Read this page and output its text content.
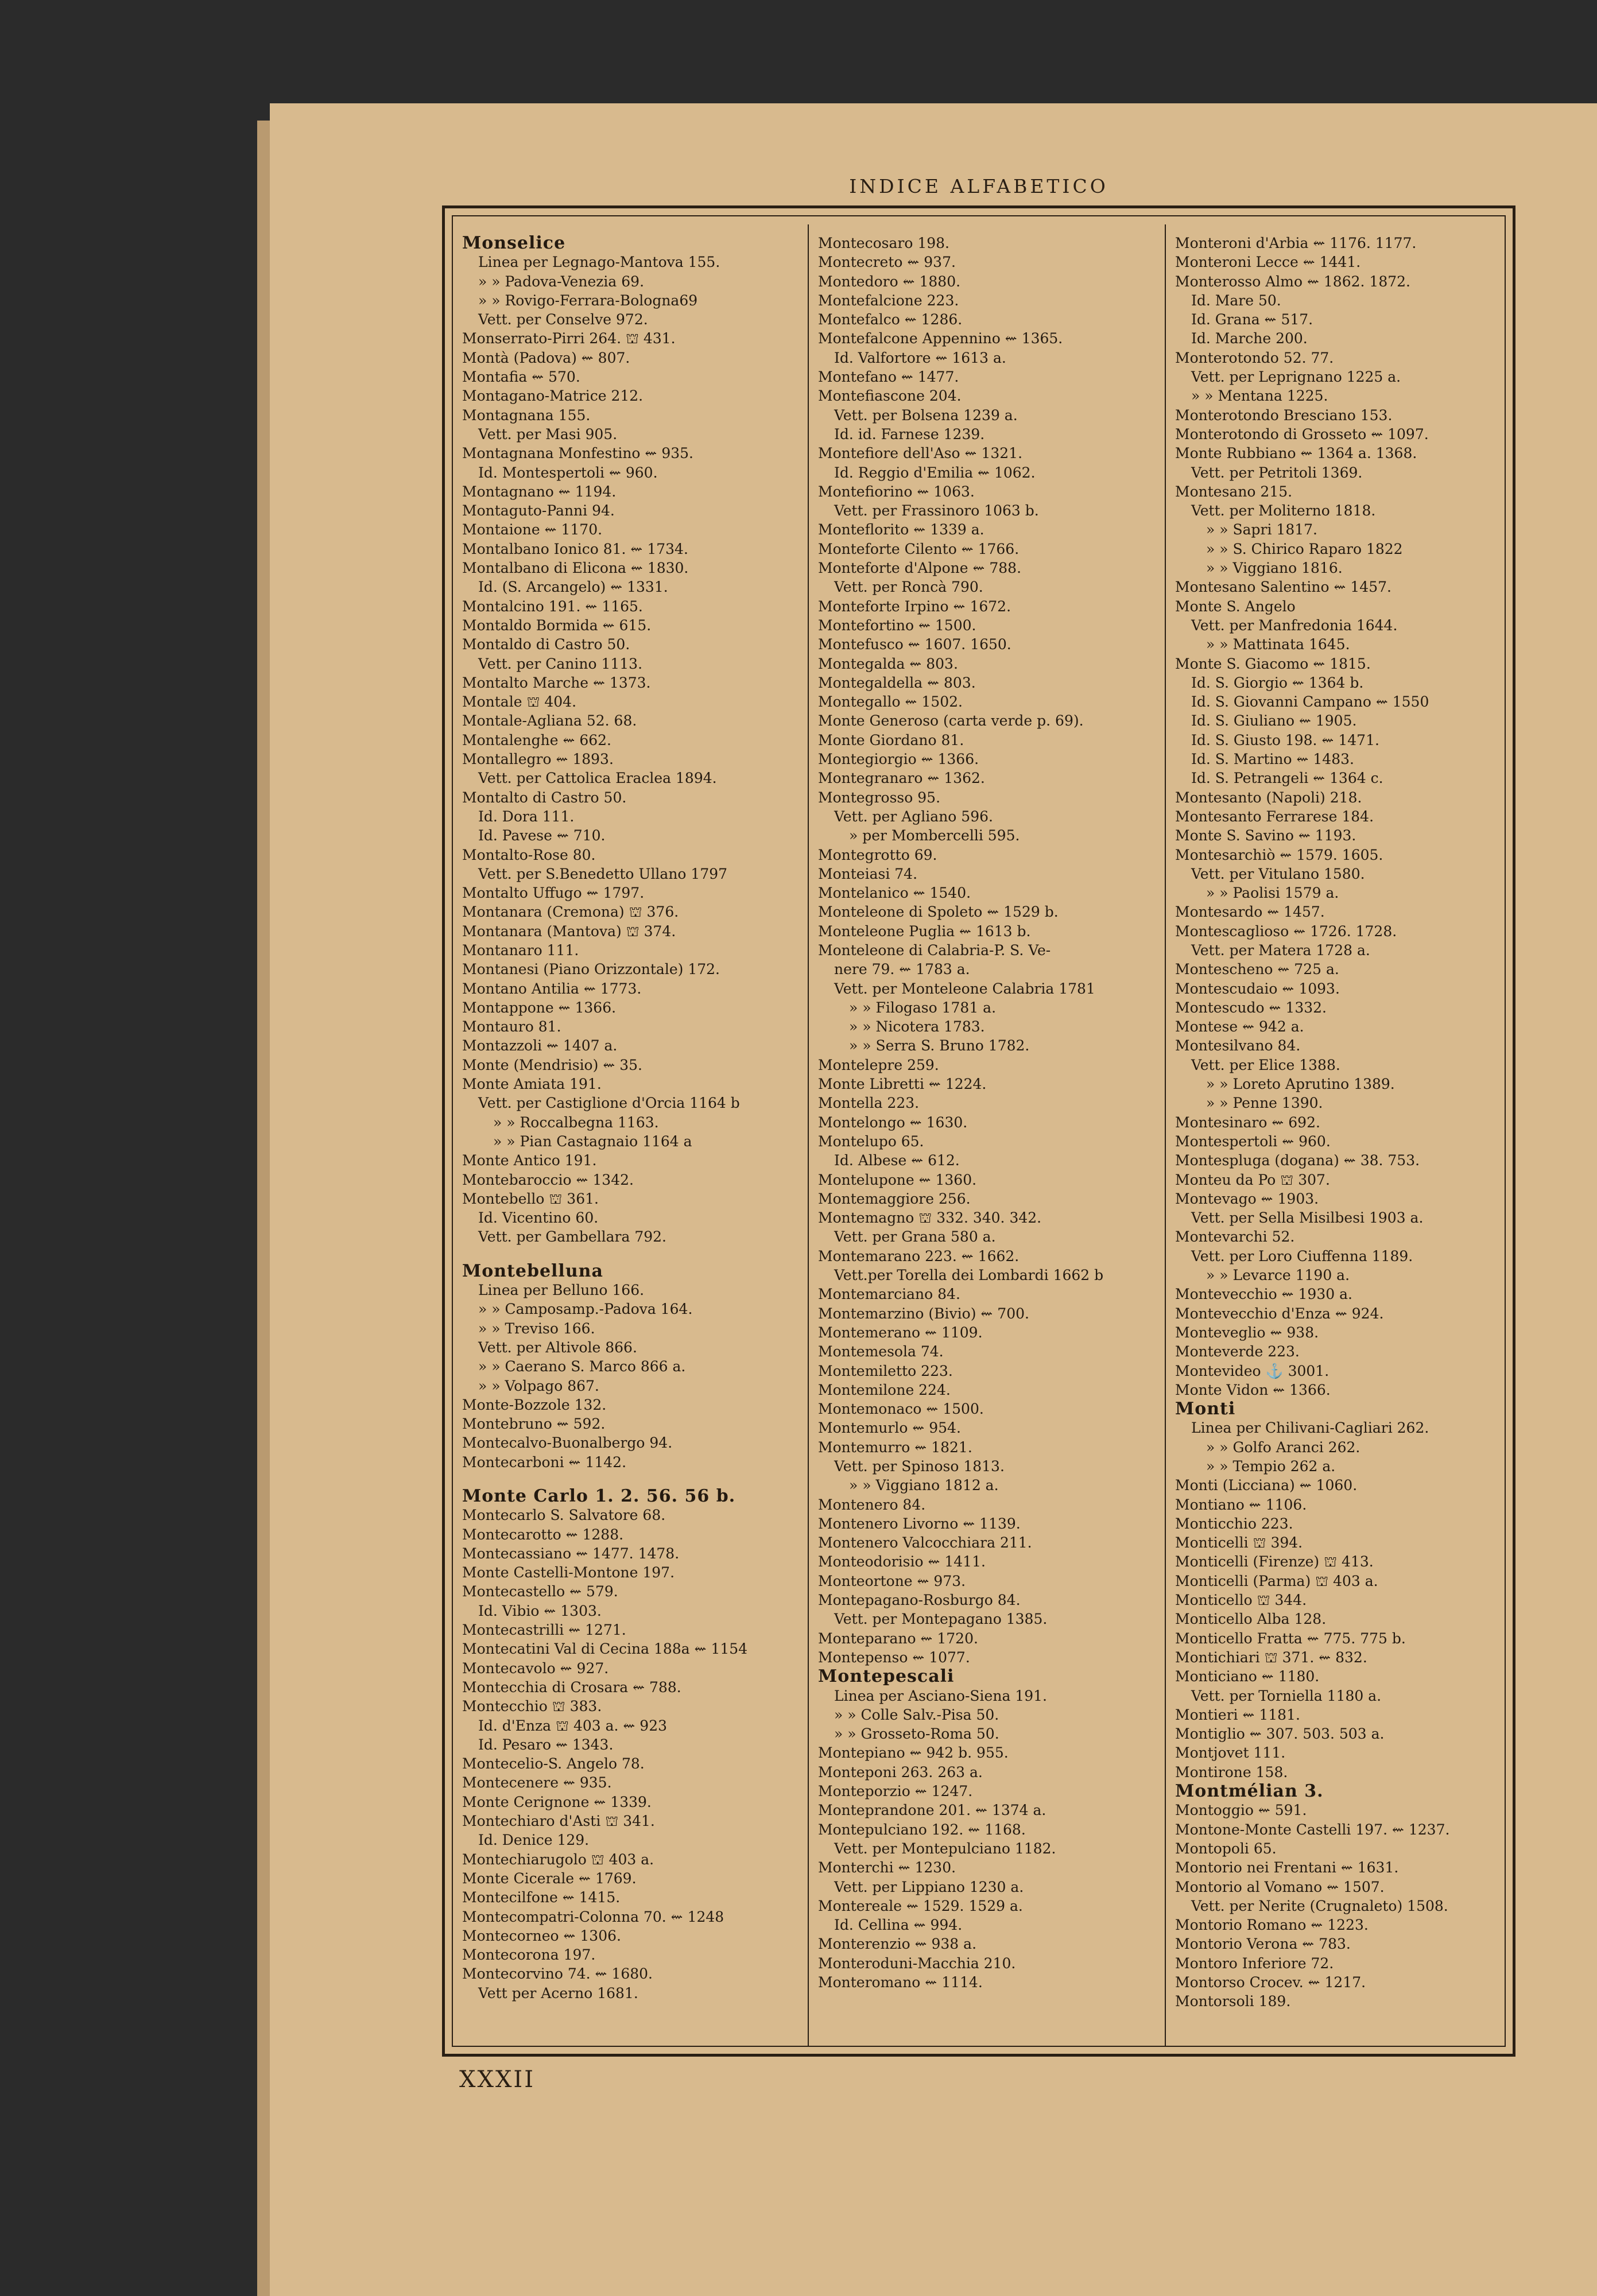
INDICE ALFABETICO
Monselice
Linea per Legnago-Mantova 155.
» » Padova-Venezia 69.
» » Rovigo-Ferrara-Bologna69
Vett. per Conselve 972.
Monserrato-Pirri 264. ⛫ 431.
Montà (Padova) ⇜ 807.
Montafia ⇜ 570.
Montagano-Matrice 212.
Montagnana 155.
Vett. per Masi 905.
Montagnana Monfestino ⇜ 935.
Id. Montespertoli ⇜ 960.
Montagnano ⇜ 1194.
Montaguto-Panni 94.
Montaione ⇜ 1170.
Montalbano Ionico 81. ⇜ 1734.
Montalbano di Elicona ⇜ 1830.
Id. (S. Arcangelo) ⇜ 1331.
Montalcino 191. ⇜ 1165.
Montaldo Bormida ⇜ 615.
Montaldo di Castro 50.
Vett. per Canino 1113.
Montalto Marche ⇜ 1373.
Montale ⛫ 404.
Montale-Agliana 52. 68.
Montalenghe ⇜ 662.
Montallegro ⇜ 1893.
Vett. per Cattolica Eraclea 1894.
Montalto di Castro 50.
Id. Dora 111.
Id. Pavese ⇜ 710.
Montalto-Rose 80.
Vett. per S.Benedetto Ullano 1797
Montalto Uffugo ⇜ 1797.
Montanara (Cremona) ⛫ 376.
Montanara (Mantova) ⛫ 374.
Montanaro 111.
Montanesi (Piano Orizzontale) 172.
Montano Antilia ⇜ 1773.
Montappone ⇜ 1366.
Montauro 81.
Montazzoli ⇜ 1407 a.
Monte (Mendrisio) ⇜ 35.
Monte Amiata 191.
Vett. per Castiglione d'Orcia 1164 b
» » Roccalbegna 1163.
» » Pian Castagnaio 1164 a
Monte Antico 191.
Montebaroccio ⇜ 1342.
Montebello ⛫ 361.
Id. Vicentino 60.
Vett. per Gambellara 792.
Montebelluna
Linea per Belluno 166.
» » Camposamp.-Padova 164.
» » Treviso 166.
Vett. per Altivole 866.
» » Caerano S. Marco 866 a.
» » Volpago 867.
Monte-Bozzole 132.
Montebruno ⇜ 592.
Montecalvo-Buonalbergo 94.
Montecarboni ⇜ 1142.
Monte Carlo 1. 2. 56. 56 b.
Montecarlo S. Salvatore 68.
Montecarotto ⇜ 1288.
Montecassiano ⇜ 1477. 1478.
Monte Castelli-Montone 197.
Montecastello ⇜ 579.
Id. Vibio ⇜ 1303.
Montecastrilli ⇜ 1271.
Montecatini Val di Cecina 188a ⇜ 1154
Montecavolo ⇜ 927.
Montecchia di Crosara ⇜ 788.
Montecchio ⛫ 383.
Id. d'Enza ⛫ 403 a. ⇜ 923
Id. Pesaro ⇜ 1343.
Montecelio-S. Angelo 78.
Montecenere ⇜ 935.
Monte Cerignone ⇜ 1339.
Montechiaro d'Asti ⛫ 341.
Id. Denice 129.
Montechiarugolo ⛫ 403 a.
Monte Cicerale ⇜ 1769.
Montecilfone ⇜ 1415.
Montecompatri-Colonna 70. ⇜ 1248
Montecorneo ⇜ 1306.
Montecorona 197.
Montecorvino 74. ⇜ 1680.
Vett per Acerno 1681.
Montecosaro 198.
Montecreto ⇜ 937.
Montedoro ⇜ 1880.
Montefalcione 223.
Montefalco ⇜ 1286.
Montefalcone Appennino ⇜ 1365.
Id. Valfortore ⇜ 1613 a.
Montefano ⇜ 1477.
Montefiascone 204.
Vett. per Bolsena 1239 a.
Id. id. Farnese 1239.
Montefiore dell'Aso ⇜ 1321.
Id. Reggio d'Emilia ⇜ 1062.
Montefiorino ⇜ 1063.
Vett. per Frassinoro 1063 b.
Monteflorito ⇜ 1339 a.
Monteforte Cilento ⇜ 1766.
Monteforte d'Alpone ⇜ 788.
Vett. per Roncà 790.
Monteforte Irpino ⇜ 1672.
Montefortino ⇜ 1500.
Montefusco ⇜ 1607. 1650.
Montegalda ⇜ 803.
Montegaldella ⇜ 803.
Montegallo ⇜ 1502.
Monte Generoso (carta verde p. 69).
Monte Giordano 81.
Montegiorgio ⇜ 1366.
Montegranaro ⇜ 1362.
Montegrosso 95.
Vett. per Agliano 596.
» per Mombercelli 595.
Montegrotto 69.
Monteiasi 74.
Montelanico ⇜ 1540.
Monteleone di Spoleto ⇜ 1529 b.
Monteleone Puglia ⇜ 1613 b.
Monteleone di Calabria-P. S. Ve-
nere 79. ⇜ 1783 a.
Vett. per Monteleone Calabria 1781
» » Filogaso 1781 a.
» » Nicotera 1783.
» » Serra S. Bruno 1782.
Montelepre 259.
Monte Libretti ⇜ 1224.
Montella 223.
Montelongo ⇜ 1630.
Montelupo 65.
Id. Albese ⇜ 612.
Montelupone ⇜ 1360.
Montemaggiore 256.
Montemagno ⛫ 332. 340. 342.
Vett. per Grana 580 a.
Montemarano 223. ⇜ 1662.
Vett.per Torella dei Lombardi 1662 b
Montemarciano 84.
Montemarzino (Bivio) ⇜ 700.
Montemerano ⇜ 1109.
Montemesola 74.
Montemiletto 223.
Montemilone 224.
Montemonaco ⇜ 1500.
Montemurlo ⇜ 954.
Montemurro ⇜ 1821.
Vett. per Spinoso 1813.
» » Viggiano 1812 a.
Montenero 84.
Montenero Livorno ⇜ 1139.
Montenero Valcocchiara 211.
Monteodorisio ⇜ 1411.
Monteortone ⇜ 973.
Montepagano-Rosburgo 84.
Vett. per Montepagano 1385.
Monteparano ⇜ 1720.
Montepenso ⇜ 1077.
Montepescali
Linea per Asciano-Siena 191.
» » Colle Salv.-Pisa 50.
» » Grosseto-Roma 50.
Montepiano ⇜ 942 b. 955.
Monteponi 263. 263 a.
Monteporzio ⇜ 1247.
Monteprandone 201. ⇜ 1374 a.
Montepulciano 192. ⇜ 1168.
Vett. per Montepulciano 1182.
Monterchi ⇜ 1230.
Vett. per Lippiano 1230 a.
Montereale ⇜ 1529. 1529 a.
Id. Cellina ⇜ 994.
Monterenzio ⇜ 938 a.
Monteroduni-Macchia 210.
Monteromano ⇜ 1114.
Monteroni d'Arbia ⇜ 1176. 1177.
Monteroni Lecce ⇜ 1441.
Monterosso Almo ⇜ 1862. 1872.
Id. Mare 50.
Id. Grana ⇜ 517.
Id. Marche 200.
Monterotondo 52. 77.
Vett. per Leprignano 1225 a.
» » Mentana 1225.
Monterotondo Bresciano 153.
Monterotondo di Grosseto ⇜ 1097.
Monte Rubbiano ⇜ 1364 a. 1368.
Vett. per Petritoli 1369.
Montesano 215.
Vett. per Moliterno 1818.
» » Sapri 1817.
» » S. Chirico Raparo 1822
» » Viggiano 1816.
Montesano Salentino ⇜ 1457.
Monte S. Angelo
Vett. per Manfredonia 1644.
» » Mattinata 1645.
Monte S. Giacomo ⇜ 1815.
Id. S. Giorgio ⇜ 1364 b.
Id. S. Giovanni Campano ⇜ 1550
Id. S. Giuliano ⇜ 1905.
Id. S. Giusto 198. ⇜ 1471.
Id. S. Martino ⇜ 1483.
Id. S. Petrangeli ⇜ 1364 c.
Montesanto (Napoli) 218.
Montesanto Ferrarese 184.
Monte S. Savino ⇜ 1193.
Montesarchiò ⇜ 1579. 1605.
Vett. per Vitulano 1580.
» » Paolisi 1579 a.
Montesardo ⇜ 1457.
Montescaglioso ⇜ 1726. 1728.
Vett. per Matera 1728 a.
Montescheno ⇜ 725 a.
Montescudaio ⇜ 1093.
Montescudo ⇜ 1332.
Montese ⇜ 942 a.
Montesilvano 84.
Vett. per Elice 1388.
» » Loreto Aprutino 1389.
» » Penne 1390.
Montesinaro ⇜ 692.
Montespertoli ⇜ 960.
Montespluga (dogana) ⇜ 38. 753.
Monteu da Po ⛫ 307.
Montevago ⇜ 1903.
Vett. per Sella Misilbesi 1903 a.
Montevarchi 52.
Vett. per Loro Ciuffenna 1189.
» » Levarce 1190 a.
Montevecchio ⇜ 1930 a.
Montevecchio d'Enza ⇜ 924.
Monteveglio ⇜ 938.
Monteverde 223.
Montevideo ⚓ 3001.
Monte Vidon ⇜ 1366.
Monti
Linea per Chilivani-Cagliari 262.
» » Golfo Aranci 262.
» » Tempio 262 a.
Monti (Licciana) ⇜ 1060.
Montiano ⇜ 1106.
Monticchio 223.
Monticelli ⛫ 394.
Monticelli (Firenze) ⛫ 413.
Monticelli (Parma) ⛫ 403 a.
Monticello ⛫ 344.
Monticello Alba 128.
Monticello Fratta ⇜ 775. 775 b.
Montichiari ⛫ 371. ⇜ 832.
Monticiano ⇜ 1180.
Vett. per Torniella 1180 a.
Montieri ⇜ 1181.
Montiglio ⇜ 307. 503. 503 a.
Montjovet 111.
Montirone 158.
Montmélian 3.
Montoggio ⇜ 591.
Montone-Monte Castelli 197. ⇜ 1237.
Montopoli 65.
Montorio nei Frentani ⇜ 1631.
Montorio al Vomano ⇜ 1507.
Vett. per Nerite (Crugnaleto) 1508.
Montorio Romano ⇜ 1223.
Montorio Verona ⇜ 783.
Montoro Inferiore 72.
Montorso Crocev. ⇜ 1217.
Montorsoli 189.
XXXII
